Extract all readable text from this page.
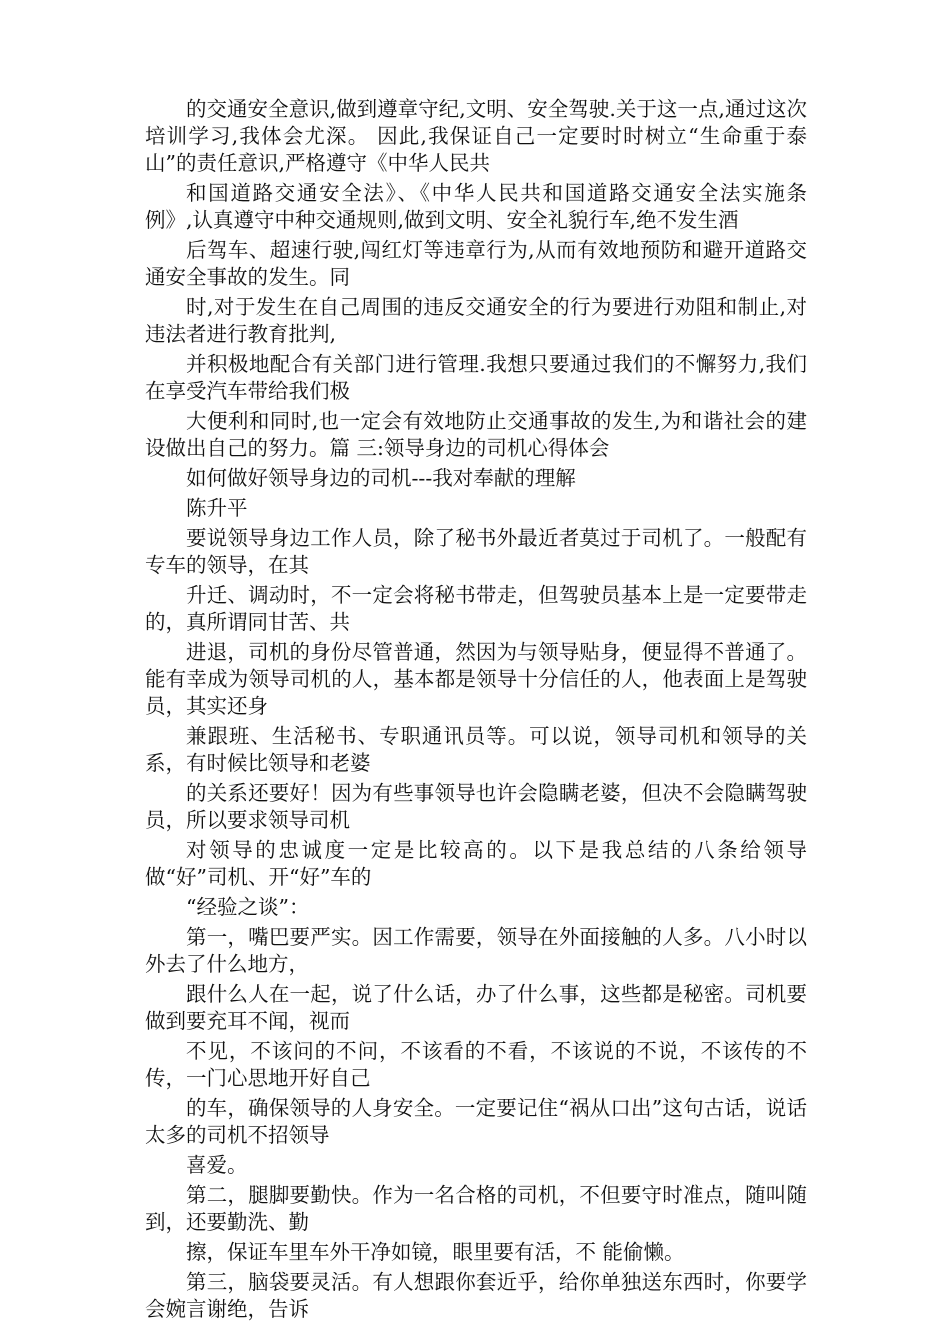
的交通安全意识,做到遵章守纪,文明、安全驾驶.关于这一点,通过这次培训学习,我体会尤深。 因此,我保证自己一定要时时树立“生命重于泰山”的责任意识,严格遵守《中华人民共

和国道路交通安全法》、《中华人民共和国道路交通安全法实施条例》,认真遵守中种交通规则,做到文明、安全礼貌行车,绝不发生酒

后驾车、超速行驶,闯红灯等违章行为,从而有效地预防和避开道路交通安全事故的发生。同

时,对于发生在自己周围的违反交通安全的行为要进行劝阻和制止,对违法者进行教育批判,

并积极地配合有关部门进行管理.我想只要通过我们的不懈努力,我们在享受汽车带给我们极

大便利和同时,也一定会有效地防止交通事故的发生,为和谐社会的建设做出自己的努力。篇 三:领导身边的司机心得体会

如何做好领导身边的司机---我对奉献的理解

陈升平

要说领导身边工作人员，除了秘书外最近者莫过于司机了。一般配有专车的领导，在其

升迁、调动时，不一定会将秘书带走，但驾驶员基本上是一定要带走的，真所谓同甘苦、共

进退，司机的身份尽管普通，然因为与领导贴身，便显得不普通了。 能有幸成为领导司机的人，基本都是领导十分信任的人，他表面上是驾驶员，其实还身

兼跟班、生活秘书、专职通讯员等。可以说，领导司机和领导的关系，有时候比领导和老婆

的关系还要好！因为有些事领导也许会隐瞒老婆，但决不会隐瞒驾驶员，所以要求领导司机

对领导的忠诚度一定是比较高的。以下是我总结的八条给领导做“好”司机、开“好”车的

“经验之谈”：

第一，嘴巴要严实。因工作需要，领导在外面接触的人多。八小时以外去了什么地方，

跟什么人在一起，说了什么话，办了什么事，这些都是秘密。司机要做到要充耳不闻，视而

不见，不该问的不问，不该看的不看，不该说的不说，不该传的不传，一门心思地开好自己

的车，确保领导的人身安全。一定要记住“祸从口出”这句古话，说话太多的司机不招领导

喜爱。

第二，腿脚要勤快。作为一名合格的司机，不但要守时准点，随叫随到，还要勤洗、勤

擦，保证车里车外干净如镜，眼里要有活，不 能偷懒。

第三，脑袋要灵活。有人想跟你套近乎，给你单独送东西时，你要学会婉言谢绝，告诉
